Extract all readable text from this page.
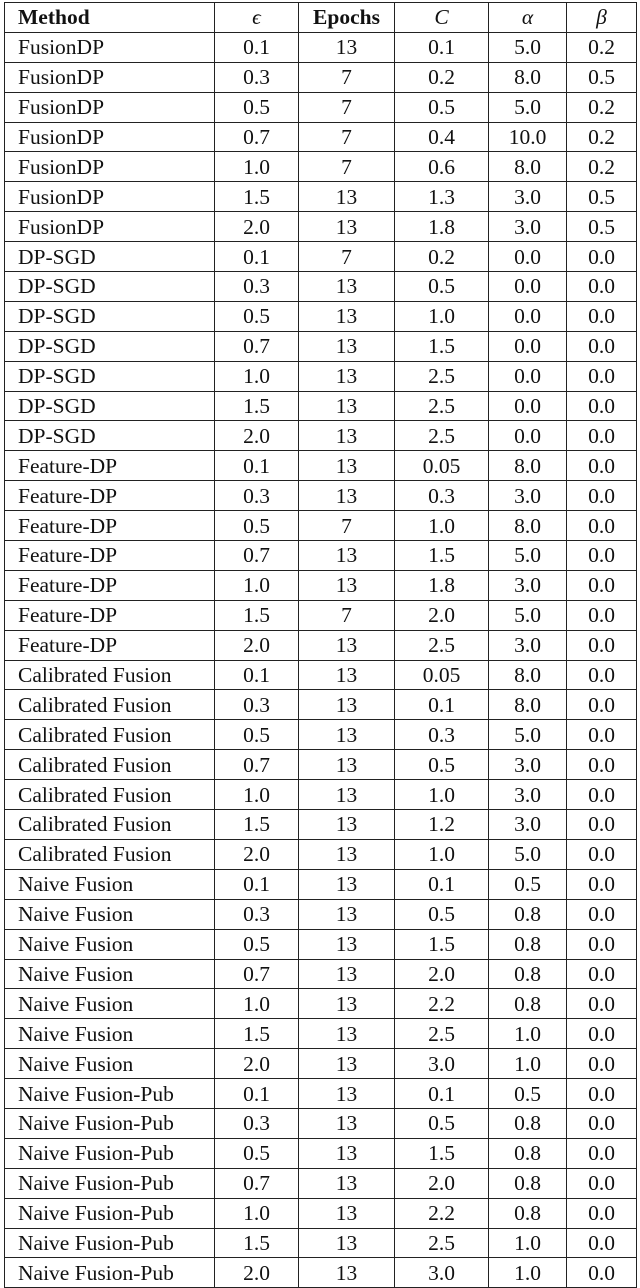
Method	ϵ	Epochs	C	α	β
FusionDP	0.1	13	0.1	5.0	0.2
FusionDP	0.3	7	0.2	8.0	0.5
FusionDP	0.5	7	0.5	5.0	0.2
FusionDP	0.7	7	0.4	10.0	0.2
FusionDP	1.0	7	0.6	8.0	0.2
FusionDP	1.5	13	1.3	3.0	0.5
FusionDP	2.0	13	1.8	3.0	0.5
DP-SGD	0.1	7	0.2	0.0	0.0
DP-SGD	0.3	13	0.5	0.0	0.0
DP-SGD	0.5	13	1.0	0.0	0.0
DP-SGD	0.7	13	1.5	0.0	0.0
DP-SGD	1.0	13	2.5	0.0	0.0
DP-SGD	1.5	13	2.5	0.0	0.0
DP-SGD	2.0	13	2.5	0.0	0.0
Feature-DP	0.1	13	0.05	8.0	0.0
Feature-DP	0.3	13	0.3	3.0	0.0
Feature-DP	0.5	7	1.0	8.0	0.0
Feature-DP	0.7	13	1.5	5.0	0.0
Feature-DP	1.0	13	1.8	3.0	0.0
Feature-DP	1.5	7	2.0	5.0	0.0
Feature-DP	2.0	13	2.5	3.0	0.0
Calibrated Fusion	0.1	13	0.05	8.0	0.0
Calibrated Fusion	0.3	13	0.1	8.0	0.0
Calibrated Fusion	0.5	13	0.3	5.0	0.0
Calibrated Fusion	0.7	13	0.5	3.0	0.0
Calibrated Fusion	1.0	13	1.0	3.0	0.0
Calibrated Fusion	1.5	13	1.2	3.0	0.0
Calibrated Fusion	2.0	13	1.0	5.0	0.0
Naive Fusion	0.1	13	0.1	0.5	0.0
Naive Fusion	0.3	13	0.5	0.8	0.0
Naive Fusion	0.5	13	1.5	0.8	0.0
Naive Fusion	0.7	13	2.0	0.8	0.0
Naive Fusion	1.0	13	2.2	0.8	0.0
Naive Fusion	1.5	13	2.5	1.0	0.0
Naive Fusion	2.0	13	3.0	1.0	0.0
Naive Fusion-Pub	0.1	13	0.1	0.5	0.0
Naive Fusion-Pub	0.3	13	0.5	0.8	0.0
Naive Fusion-Pub	0.5	13	1.5	0.8	0.0
Naive Fusion-Pub	0.7	13	2.0	0.8	0.0
Naive Fusion-Pub	1.0	13	2.2	0.8	0.0
Naive Fusion-Pub	1.5	13	2.5	1.0	0.0
Naive Fusion-Pub	2.0	13	3.0	1.0	0.0
